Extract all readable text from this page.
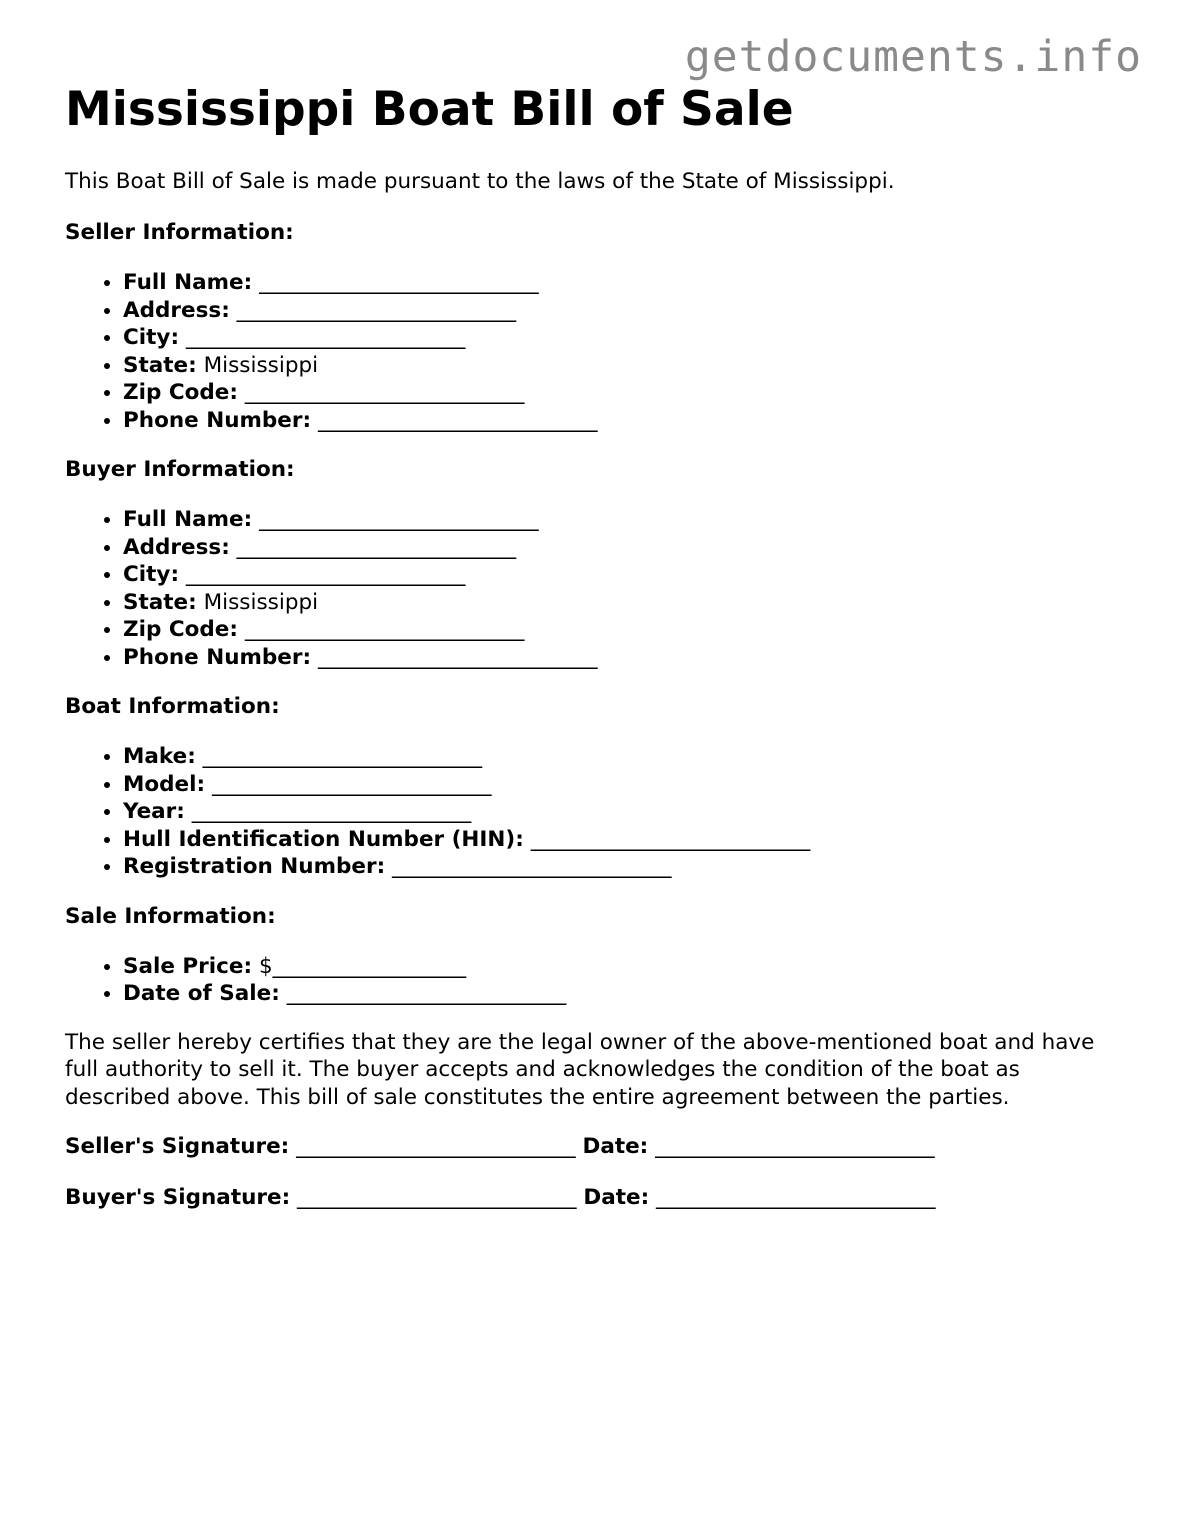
getdocuments.info
Mississippi Boat Bill of Sale

This Boat Bill of Sale is made pursuant to the laws of the State of Mississippi.

Seller Information:

• Full Name: __________________________
• Address: __________________________
• City: __________________________
• State: Mississippi
• Zip Code: __________________________
• Phone Number: __________________________

Buyer Information:

• Full Name: __________________________
• Address: __________________________
• City: __________________________
• State: Mississippi
• Zip Code: __________________________
• Phone Number: __________________________

Boat Information:

• Make: __________________________
• Model: __________________________
• Year: __________________________
• Hull Identification Number (HIN): __________________________
• Registration Number: __________________________

Sale Information:

• Sale Price: $__________________
• Date of Sale: __________________________

The seller hereby certifies that they are the legal owner of the above-mentioned boat and have full authority to sell it. The buyer accepts and acknowledges the condition of the boat as described above. This bill of sale constitutes the entire agreement between the parties.

Seller's Signature: __________________________ Date: __________________________

Buyer's Signature: __________________________ Date: __________________________
